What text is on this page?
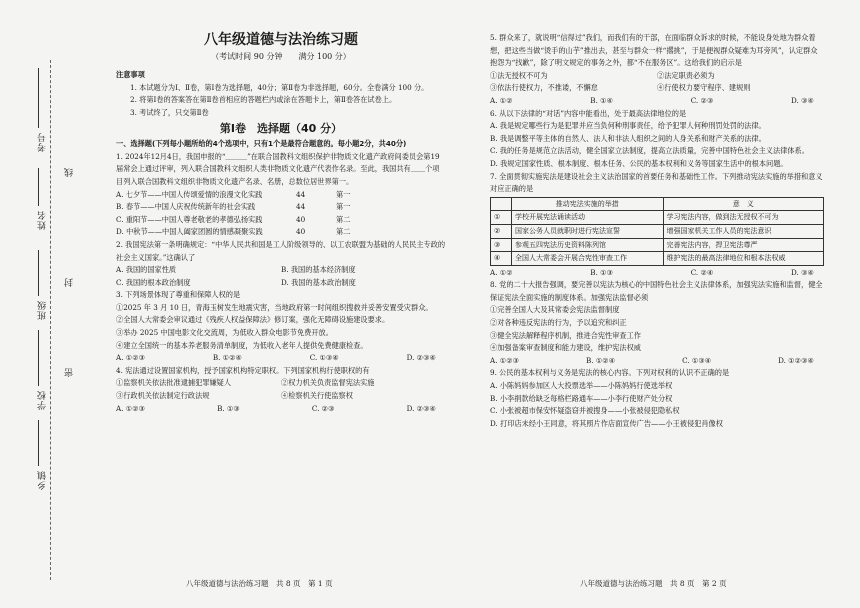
考号
姓名
班级
学校
乡镇
线
封
密
八年级道德与法治练习题
（考试时间 90 分钟　　满分 100 分）

注意事项

1. 本试题分为Ⅰ、Ⅱ卷，第Ⅰ卷为选择题，40分；第Ⅱ卷为非选择题，60分。全卷满分 100 分。

2. 将第Ⅰ卷的答案答在第Ⅱ卷首相应的答题栏内或涂在答题卡上，第Ⅱ卷答在试卷上。

3. 考试终了，只交第Ⅱ卷

第Ⅰ卷　选择题（40 分）

一、选择题(下列每小题所给的4个选项中，只有1个是最符合题意的。每小题2分，共40分)

1. 2024年12月4日，我国申报的“＿＿＿”在联合国教科文组织保护非物质文化遗产政府间委员会第19届常会上通过评审，列入联合国教科文组织人类非物质文化遗产代表作名录。至此，我国共有＿＿个项目列入联合国教科文组织非物质文化遗产名录、名册，总数位居世界第一。

A. 七夕节——中国人传颂爱情的浪漫文化实践	44	第一
B. 春节——中国人庆祝传统新年的社会实践	44	第一
C. 重阳节——中国人尊老敬老的孝德弘扬实践	40	第二
D. 中秋节——中国人阖家团圆的情感凝聚实践	40	第二

2. 我国宪法第一条明确规定：“中华人民共和国是工人阶级领导的、以工农联盟为基础的人民民主专政的社会主义国家。”这确认了

A. 我国的国家性质	B. 我国的基本经济制度
C. 我国的根本政治制度	D. 我国的基本政治制度

3. 下列场景体现了尊重和保障人权的是

①2025 年 3 月 10 日，青海玉树发生地震灾害，当地政府第一时间组织搜救并妥善安置受灾群众。

②全国人大常委会审议通过《残疾人权益保障法》修订案，强化无障碍设施建设要求。

③举办 2025 中国电影文化交流周，为低收入群众电影节免费开放。

④建立全国统一的基本养老服务清单制度，为低收入老年人提供免费健康检查。

A. ①②③	B. ①②④	C. ①③④	D. ②③④

4. 宪法通过设置国家机构，授予国家机构特定职权。下列国家机构行使职权的有

①监察机关依法批准逮捕犯罪嫌疑人	②权力机关负责监督宪法实施
③行政机关依法制定行政法规	④检察机关行使监察权
A. ①②③	B. ①③	C. ②③	D. ②③④
八年级道德与法治练习题　共 8 页　第 1 页

5. 群众来了，就说明“信得过”我们，而我们有的干部，在面临群众诉求的时候，不能设身处地为群众着想，把这些当做“烫手的山芋”推出去，甚至与群众一样“撂挑”，于是便视群众疑难为耳旁风”，认定群众抱怨为“找歉”，除了明文规定的事务之外，都“不在服务区”。这给我们的启示是

①法无授权不可为	②法定职责必须为
③依法行使权力，不推诿，不懈怠	④行使权力要守程序、建规则
A. ①②	B. ①④	C. ②③	D. ③④

6. 从以下法律的“对话”内容中能看出，处于最高法律地位的是

A. 我是规定哪些行为是犯罪并应当负何种刑事责任，给予犯罪人何种刑罚处罚的法律。

B. 我是调整平等主体的自然人、法人和非法人组织之间的人身关系和财产关系的法律。

C. 我的任务是规范立法活动，健全国家立法制度，提高立法质量，完善中国特色社会主义法律体系。

D. 我规定国家性质、根本制度、根本任务、公民的基本权利和义务等国家生活中的根本问题。

7. 全面贯彻实施宪法是建设社会主义法治国家的首要任务和基础性工作。下列推动宪法实施的举措和意义对应正确的是

	推动宪法实施的举措	意　义
①	学校开展宪法诵读活动	学习宪法内容，做到法无授权不可为
②	国家公务人员就职时进行宪法宣誓	增强国家机关工作人员的宪法意识
③	参观五四宪法历史资料陈列馆	完善宪法内容，捍卫宪法尊严
④	全国人大常委会开展合宪性审查工作	维护宪法的最高法律地位和根本法权威
A. ①②	B. ①③	C. ②④	D. ③④

8. 党的二十大报告强调，要完善以宪法为核心的中国特色社会主义法律体系，加强宪法实施和监督，健全保证宪法全面实施的制度体系。加强宪法监督必须

①完善全国人大及其常委会宪法监督制度

②对各种违反宪法的行为，予以追究和纠正

③健全宪法解释程序机制，推进合宪性审查工作

④加强备案审查制度和能力建设，维护宪法权威

A. ①②③	B. ①②④	C. ①③④	D. ①②③④

9. 公民的基本权利与义务是宪法的核心内容。下列对权利的认识不正确的是

A. 小陈妈妈参加区人大投票选举——小陈妈妈行使选举权

B. 小李捐款给缺乏每格栏路通车——小李行使财产处分权

C. 小张被超市保安怀疑盗窃并被搜身——小张被侵犯隐私权

D. 打印店未经小王同意，将其照片作店面宣传广告——小王被侵犯肖像权

八年级道德与法治练习题　共 8 页　第 2 页
